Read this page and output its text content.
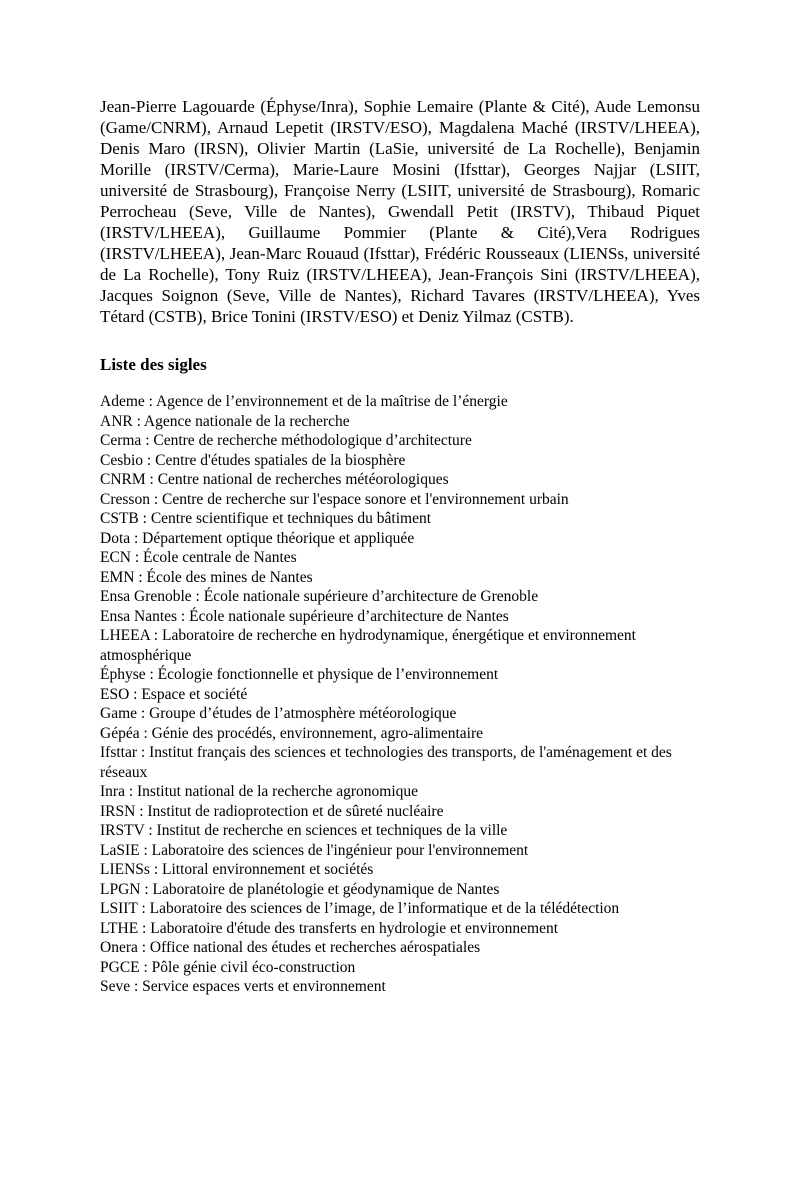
Jean-Pierre Lagouarde (Éphyse/Inra), Sophie Lemaire (Plante & Cité), Aude Lemonsu (Game/CNRM), Arnaud Lepetit (IRSTV/ESO), Magdalena Maché (IRSTV/LHEEA), Denis Maro (IRSN), Olivier Martin (LaSie, université de La Rochelle), Benjamin Morille (IRSTV/Cerma), Marie-Laure Mosini (Ifsttar), Georges Najjar (LSIIT, université de Strasbourg), Françoise Nerry (LSIIT, université de Strasbourg), Romaric Perrocheau (Seve, Ville de Nantes), Gwendall Petit (IRSTV), Thibaud Piquet (IRSTV/LHEEA), Guillaume Pommier (Plante & Cité),Vera Rodrigues (IRSTV/LHEEA), Jean-Marc Rouaud (Ifsttar), Frédéric Rousseaux (LIENSs, université de La Rochelle), Tony Ruiz (IRSTV/LHEEA), Jean-François Sini (IRSTV/LHEEA), Jacques Soignon (Seve, Ville de Nantes), Richard Tavares (IRSTV/LHEEA), Yves Tétard (CSTB), Brice Tonini (IRSTV/ESO) et Deniz Yilmaz (CSTB).

Liste des sigles
Ademe : Agence de l’environnement et de la maîtrise de l’énergie
ANR : Agence nationale de la recherche
Cerma : Centre de recherche méthodologique d’architecture
Cesbio : Centre d'études spatiales de la biosphère
CNRM : Centre national de recherches météorologiques
Cresson : Centre de recherche sur l'espace sonore et l'environnement urbain
CSTB : Centre scientifique et techniques du bâtiment
Dota : Département optique théorique et appliquée
ECN : École centrale de Nantes
EMN : École des mines de Nantes
Ensa Grenoble : École nationale supérieure d’architecture de Grenoble
Ensa Nantes : École nationale supérieure d’architecture de Nantes
LHEEA : Laboratoire de recherche en hydrodynamique, énergétique et environnement atmosphérique
Éphyse : Écologie fonctionnelle et physique de l’environnement
ESO : Espace et société
Game : Groupe d’études de l’atmosphère météorologique
Gépéa : Génie des procédés, environnement, agro-alimentaire
Ifsttar : Institut français des sciences et technologies des transports, de l'aménagement et des réseaux
Inra : Institut national de la recherche agronomique
IRSN : Institut de radioprotection et de sûreté nucléaire
IRSTV : Institut de recherche en sciences et techniques de la ville
LaSIE : Laboratoire des sciences de l'ingénieur pour l'environnement
LIENSs : Littoral environnement et sociétés
LPGN : Laboratoire de planétologie et géodynamique de Nantes
LSIIT : Laboratoire des sciences de l’image, de l’informatique et de la télédétection
LTHE : Laboratoire d'étude des transferts en hydrologie et environnement
Onera : Office national des études et recherches aérospatiales
PGCE : Pôle génie civil éco-construction
Seve : Service espaces verts et environnement
